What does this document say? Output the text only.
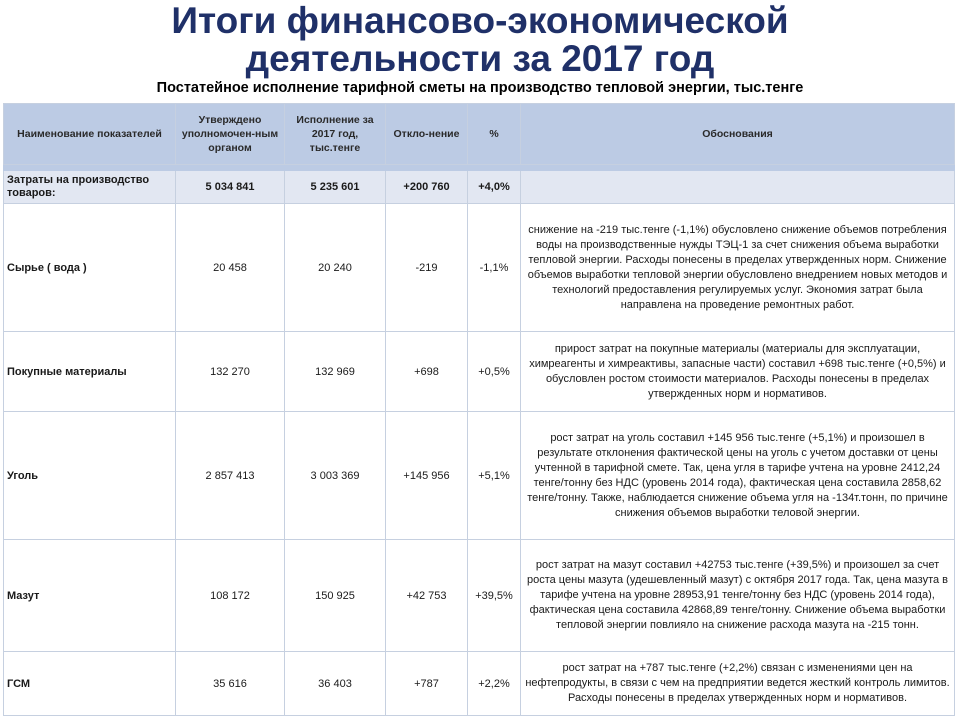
Итоги финансово-экономической
деятельности за 2017 год
Постатейное исполнение тарифной сметы на производство тепловой энергии, тыс.тенге
Наименование показателей	Утверждено уполномочен-ным органом	Исполнение за 2017 год, тыс.тенге	Откло-нение	%	Обоснования

Затраты на производство товаров:	5 034 841	5 235 601	+200 760	+4,0%	
Сырье ( вода )	20 458	20 240	-219	-1,1%	снижение на -219 тыс.тенге (-1,1%) обусловлено снижение объемов потребления воды на производственные нужды ТЭЦ-1 за счет снижения объема выработки тепловой энергии. Расходы понесены в пределах утвержденных норм. Снижение объемов выработки тепловой энергии обусловлено внедрением новых методов и технологий предоставления регулируемых услуг. Экономия затрат была направлена на проведение ремонтных работ.
Покупные материалы	132 270	132 969	+698	+0,5%	прирост затрат на покупные материалы (материалы для эксплуатации, химреагенты и химреактивы, запасные части) составил +698 тыс.тенге (+0,5%) и обусловлен ростом стоимости материалов. Расходы понесены в пределах утвержденных норм и нормативов.
Уголь	2 857 413	3 003 369	+145 956	+5,1%	рост затрат на уголь составил +145 956 тыс.тенге (+5,1%) и произошел в результате отклонения фактической цены на уголь с учетом доставки от цены учтенной в тарифной смете. Так, цена угля в тарифе учтена на уровне 2412,24 тенге/тонну без НДС (уровень 2014 года), фактическая цена составила 2858,62 тенге/тонну. Также, наблюдается снижение объема угля на -134т.тонн, по причине снижения объемов выработки теловой энергии.
Мазут	108 172	150 925	+42 753	+39,5%	рост затрат на мазут составил +42753 тыс.тенге (+39,5%) и произошел за счет роста цены мазута (удешевленный мазут) с октября 2017 года. Так, цена мазута в тарифе учтена на уровне 28953,91 тенге/тонну без НДС (уровень 2014 года), фактическая цена составила 42868,89 тенге/тонну. Снижение объема выработки тепловой энергии повлияло на снижение расхода мазута на -215 тонн.
ГСМ	35 616	36 403	+787	+2,2%	рост затрат на +787 тыс.тенге (+2,2%) связан с изменениями цен на нефтепродукты, в связи с чем на предприятии ведется жесткий контроль лимитов. Расходы понесены в пределах утвержденных норм и нормативов.
